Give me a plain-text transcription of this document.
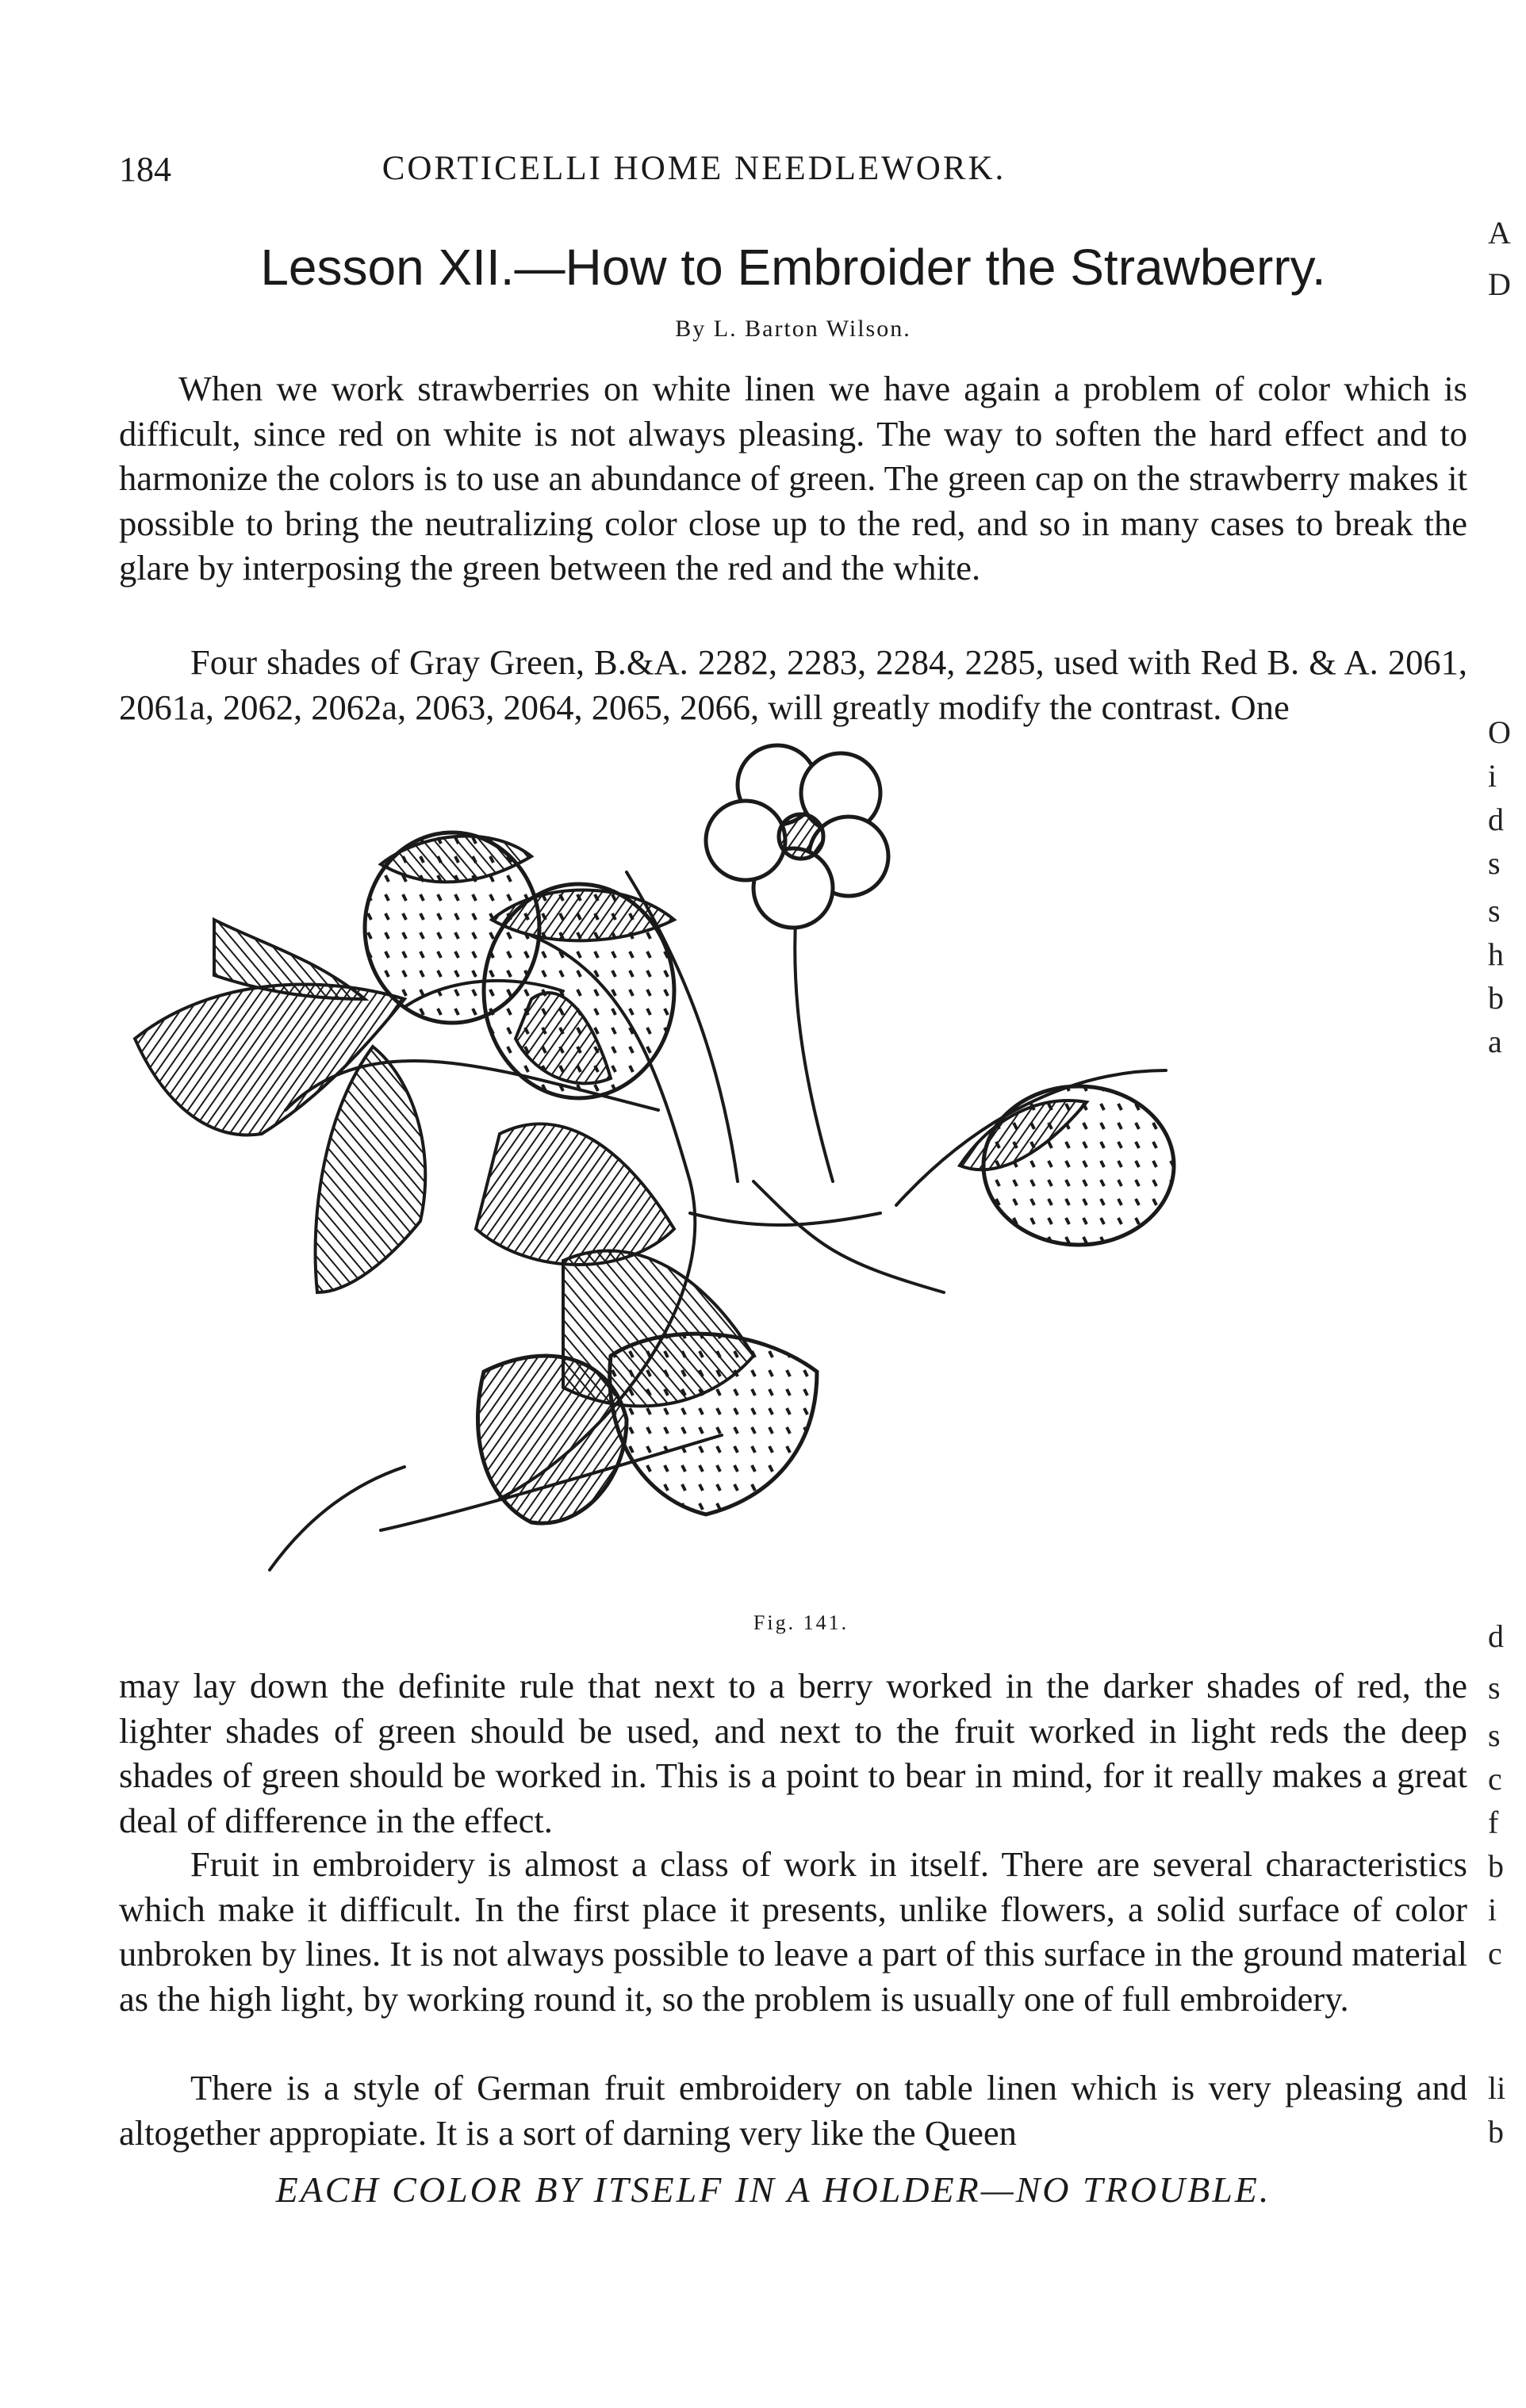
184	CORTICELLI HOME NEEDLEWORK.
Lesson XII.—How to Embroider the Strawberry.
By L. Barton Wilson.

When we work strawberries on white linen we have again a problem of color which is difficult, since red on white is not always pleasing. The way to soften the hard effect and to harmonize the colors is to use an abundance of green. The green cap on the strawberry makes it possible to bring the neutralizing color close up to the red, and so in many cases to break the glare by interposing the green between the red and the white.

Four shades of Gray Green, B.&A. 2282, 2283, 2284, 2285, used with Red B. & A. 2061, 2061a, 2062, 2062a, 2063, 2064, 2065, 2066, will greatly modify the contrast. One

Fig. 141.

may lay down the definite rule that next to a berry worked in the darker shades of red, the lighter shades of green should be used, and next to the fruit worked in light reds the deep shades of green should be worked in. This is a point to bear in mind, for it really makes a great deal of difference in the effect.

Fruit in embroidery is almost a class of work in itself. There are several characteristics which make it difficult. In the first place it presents, unlike flowers, a solid surface of color unbroken by lines. It is not always possible to leave a part of this surface in the ground material as the high light, by working round it, so the problem is usually one of full embroidery.

There is a style of German fruit embroidery on table linen which is very pleasing and altogether appropiate. It is a sort of darning very like the Queen

EACH COLOR BY ITSELF IN A HOLDER—NO TROUBLE.
A
D
O
i
d
s
s
h
b
a
d
s
s
c
f
b
i
c
li
b
